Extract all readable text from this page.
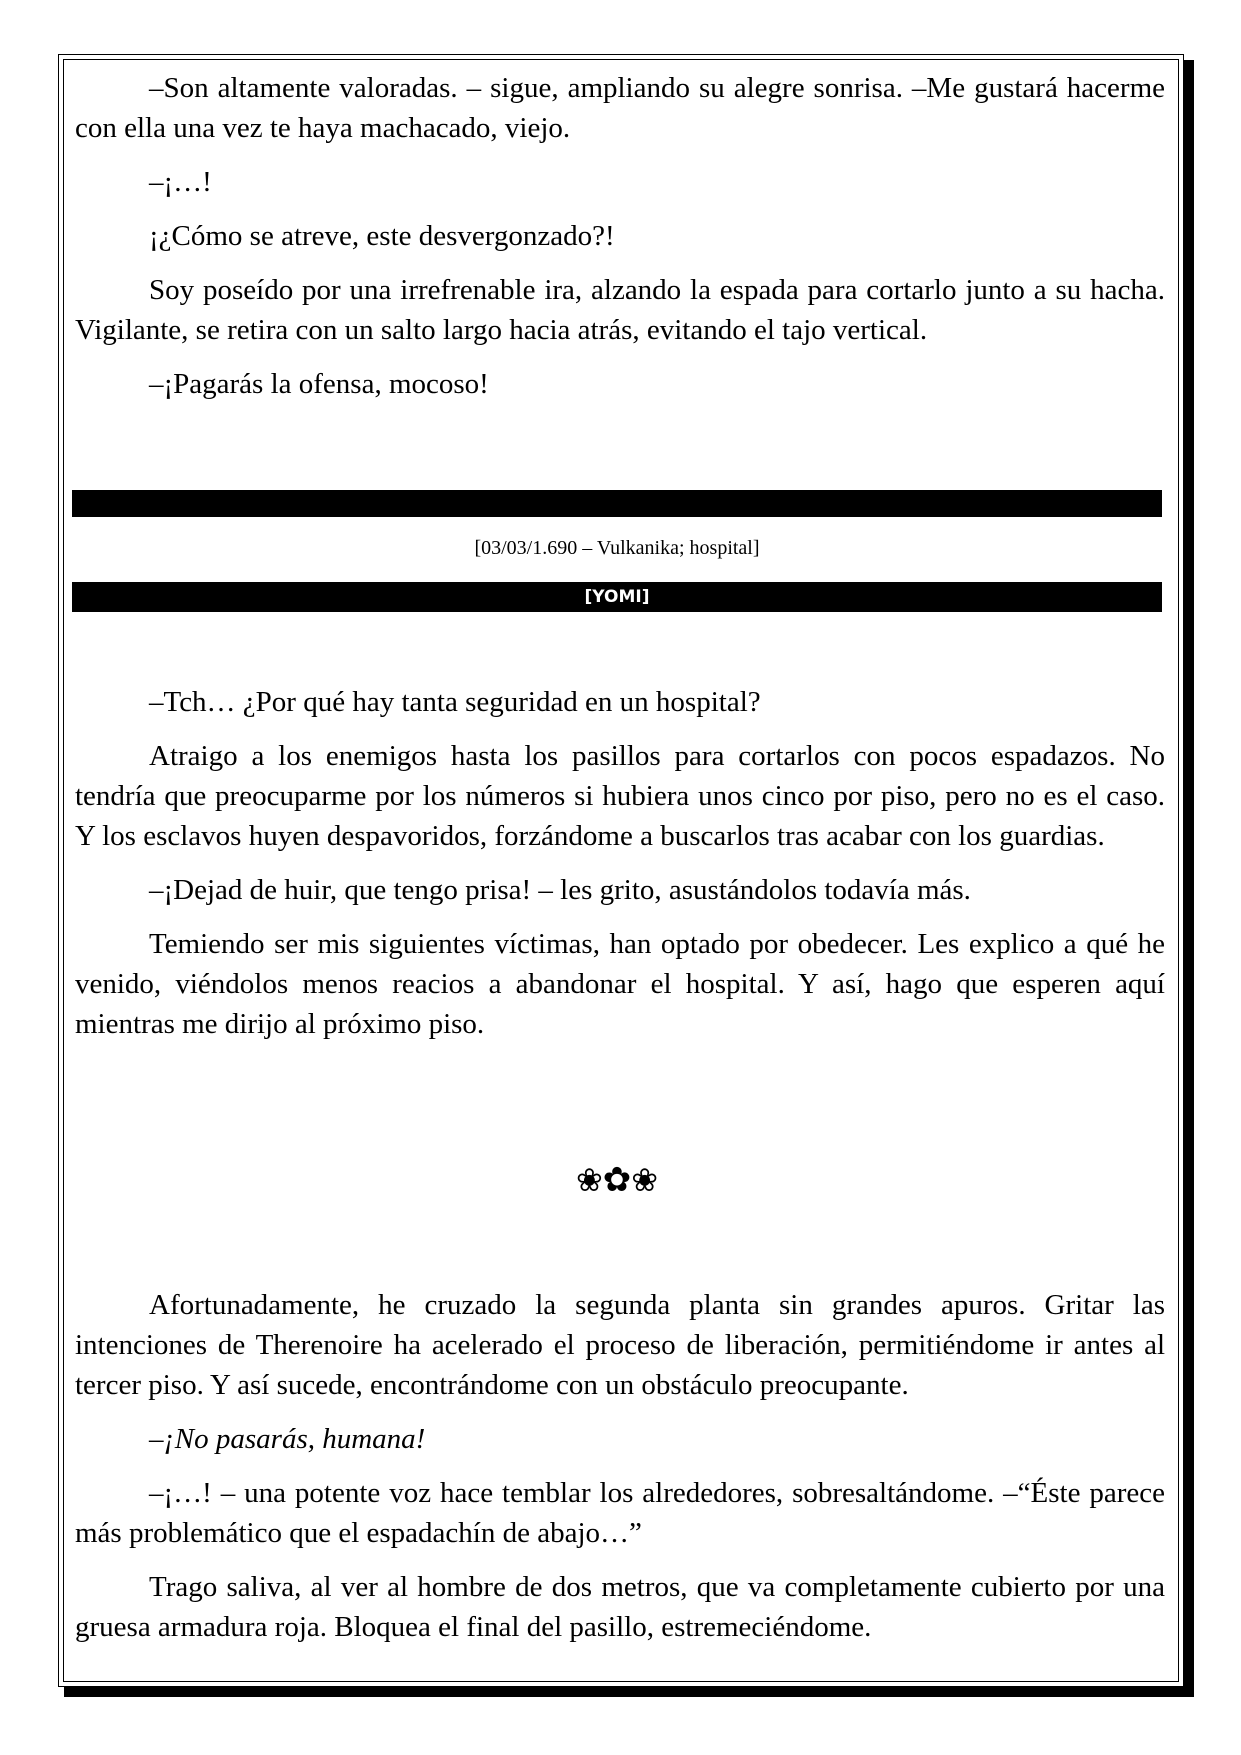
–Son altamente valoradas. – sigue, ampliando su alegre sonrisa. –Me gustará hacerme con ella una vez te haya machacado, viejo.

–¡…!

¡¿Cómo se atreve, este desvergonzado?!

Soy poseído por una irrefrenable ira, alzando la espada para cortarlo junto a su hacha. Vigilante, se retira con un salto largo hacia atrás, evitando el tajo vertical.

–¡Pagarás la ofensa, mocoso!

[03/03/1.690 – Vulkanika; hospital]
[YOMI]

–Tch… ¿Por qué hay tanta seguridad en un hospital?

Atraigo a los enemigos hasta los pasillos para cortarlos con pocos espadazos. No tendría que preocuparme por los números si hubiera unos cinco por piso, pero no es el caso. Y los esclavos huyen despavoridos, forzándome a buscarlos tras acabar con los guardias.

–¡Dejad de huir, que tengo prisa! – les grito, asustándolos todavía más.

Temiendo ser mis siguientes víctimas, han optado por obedecer. Les explico a qué he venido, viéndolos menos reacios a abandonar el hospital. Y así, hago que esperen aquí mientras me dirijo al próximo piso.

❀✿❀

Afortunadamente, he cruzado la segunda planta sin grandes apuros. Gritar las intenciones de Therenoire ha acelerado el proceso de liberación, permitiéndome ir antes al tercer piso. Y así sucede, encontrándome con un obstáculo preocupante.

–¡No pasarás, humana!

–¡…! – una potente voz hace temblar los alrededores, sobresaltándome. –“Éste parece más problemático que el espadachín de abajo…”

Trago saliva, al ver al hombre de dos metros, que va completamente cubierto por una gruesa armadura roja. Bloquea el final del pasillo, estremeciéndome.
